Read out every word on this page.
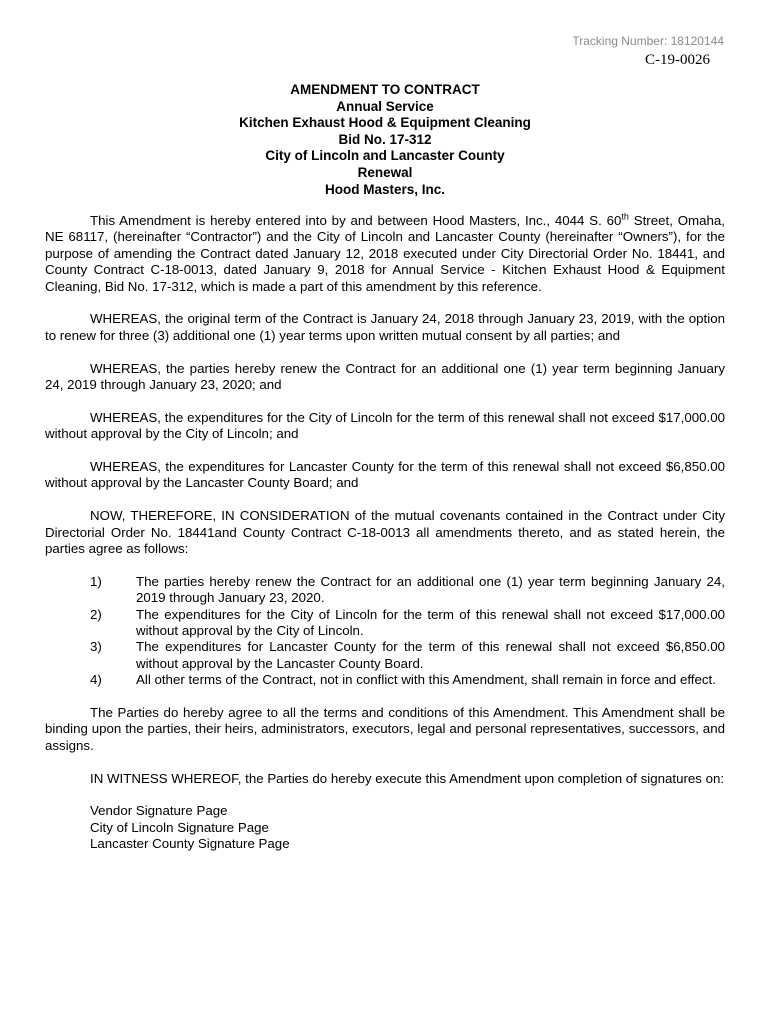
Tracking Number: 18120144
C-19-0026
AMENDMENT TO CONTRACT
Annual Service
Kitchen Exhaust Hood & Equipment Cleaning
Bid No. 17-312
City of Lincoln and Lancaster County
Renewal
Hood Masters, Inc.

This Amendment is hereby entered into by and between Hood Masters, Inc., 4044 S. 60th Street, Omaha, NE 68117, (hereinafter “Contractor”) and the City of Lincoln and Lancaster County (hereinafter “Owners”), for the purpose of amending the Contract dated January 12, 2018 executed under City Directorial Order No. 18441, and County Contract C-18-0013, dated January 9, 2018 for Annual Service - Kitchen Exhaust Hood & Equipment Cleaning, Bid No. 17-312, which is made a part of this amendment by this reference.

WHEREAS, the original term of the Contract is January 24, 2018 through January 23, 2019, with the option to renew for three (3) additional one (1) year terms upon written mutual consent by all parties; and

WHEREAS, the parties hereby renew the Contract for an additional one (1) year term beginning January 24, 2019 through January 23, 2020; and

WHEREAS, the expenditures for the City of Lincoln for the term of this renewal shall not exceed $17,000.00 without approval by the City of Lincoln; and

WHEREAS, the expenditures for Lancaster County for the term of this renewal shall not exceed $6,850.00 without approval by the Lancaster County Board; and

NOW, THEREFORE, IN CONSIDERATION of the mutual covenants contained in the Contract under City Directorial Order No. 18441and County Contract C-18-0013 all amendments thereto, and as stated herein, the parties agree as follows:

1)	The parties hereby renew the Contract for an additional one (1) year term beginning January 24, 2019 through January 23, 2020.
2)	The expenditures for the City of Lincoln for the term of this renewal shall not exceed $17,000.00 without approval by the City of Lincoln.
3)	The expenditures for Lancaster County for the term of this renewal shall not exceed $6,850.00 without approval by the Lancaster County Board.
4)	All other terms of the Contract, not in conflict with this Amendment, shall remain in force and effect.

The Parties do hereby agree to all the terms and conditions of this Amendment. This Amendment shall be binding upon the parties, their heirs, administrators, executors, legal and personal representatives, successors, and assigns.

IN WITNESS WHEREOF, the Parties do hereby execute this Amendment upon completion of signatures on:

Vendor Signature Page
City of Lincoln Signature Page
Lancaster County Signature Page
